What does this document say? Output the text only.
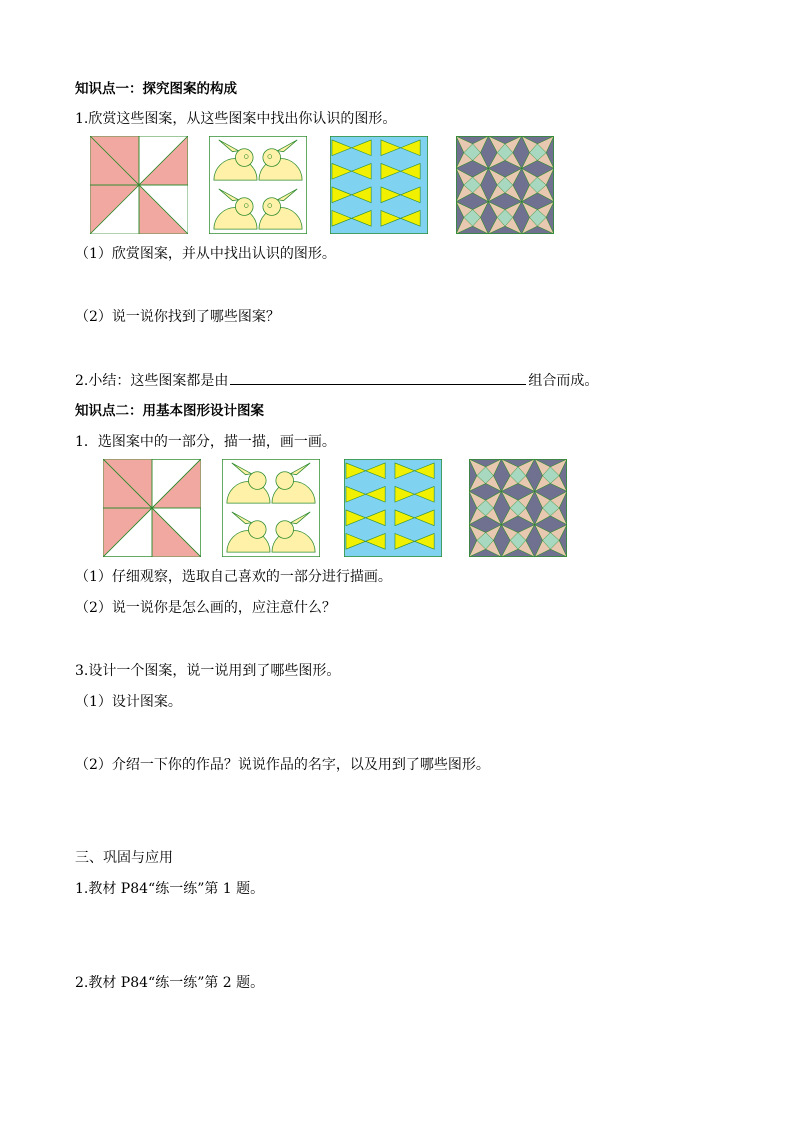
知识点一：探究图案的构成
1.欣赏这些图案，从这些图案中找出你认识的图形。
（1）欣赏图案，并从中找出认识的图形。
（2）说一说你找到了哪些图案？
2.小结：这些图案都是由	组合而成。
知识点二：用基本图形设计图案
1．选图案中的一部分，描一描，画一画。
（1）仔细观察，选取自己喜欢的一部分进行描画。
（2）说一说你是怎么画的，应注意什么？
3.设计一个图案，说一说用到了哪些图形。
（1）设计图案。
（2）介绍一下你的作品？说说作品的名字，以及用到了哪些图形。
三、巩固与应用
1.教材 P84“练一练”第 1 题。
2.教材 P84“练一练”第 2 题。
